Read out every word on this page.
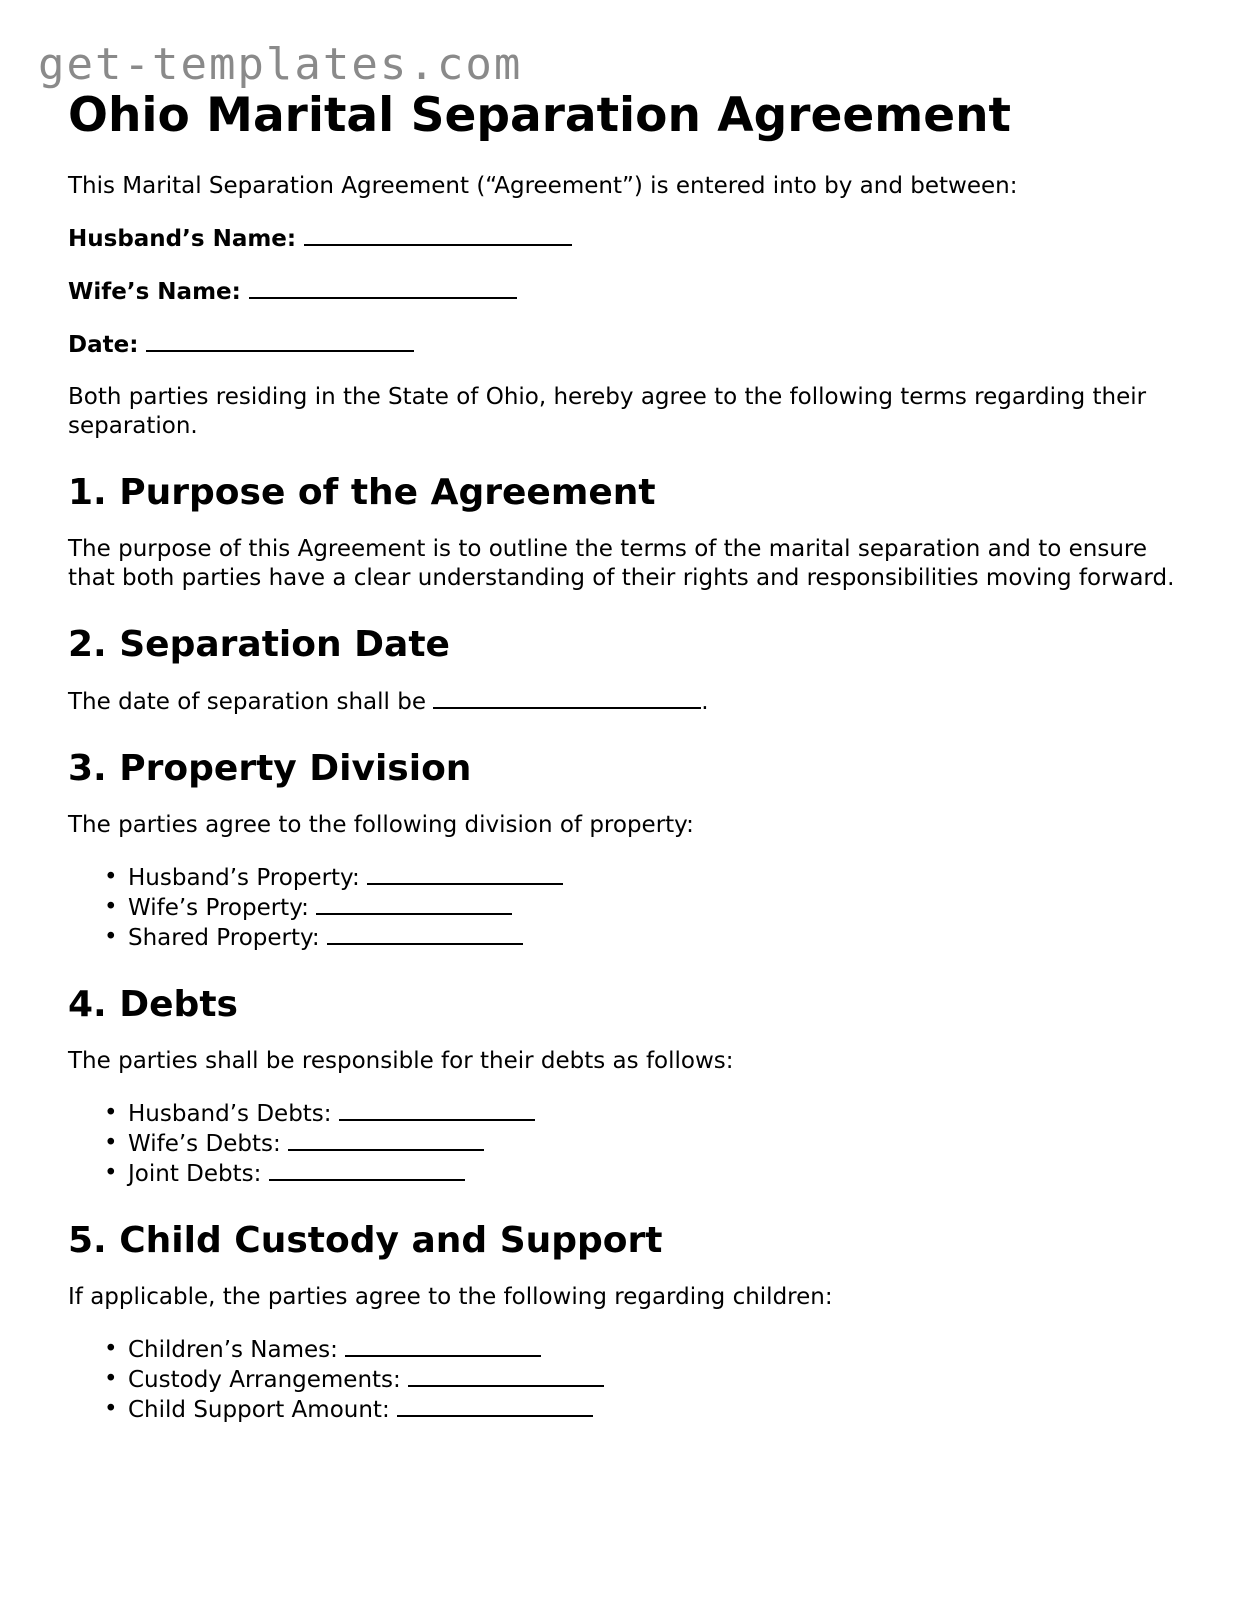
get-templates.com
Ohio Marital Separation Agreement

This Marital Separation Agreement (“Agreement”) is entered into by and between:

Husband’s Name:

Wife’s Name:

Date:

Both parties residing in the State of Ohio, hereby agree to the following terms regarding their separation.

1. Purpose of the Agreement

The purpose of this Agreement is to outline the terms of the marital separation and to ensure that both parties have a clear understanding of their rights and responsibilities moving forward.

2. Separation Date

The date of separation shall be	.

3. Property Division

The parties agree to the following division of property:

• Husband’s Property:
• Wife’s Property:
• Shared Property:
4. Debts

The parties shall be responsible for their debts as follows:

• Husband’s Debts:
• Wife’s Debts:
• Joint Debts:
5. Child Custody and Support

If applicable, the parties agree to the following regarding children:

• Children’s Names:
• Custody Arrangements:
• Child Support Amount:
